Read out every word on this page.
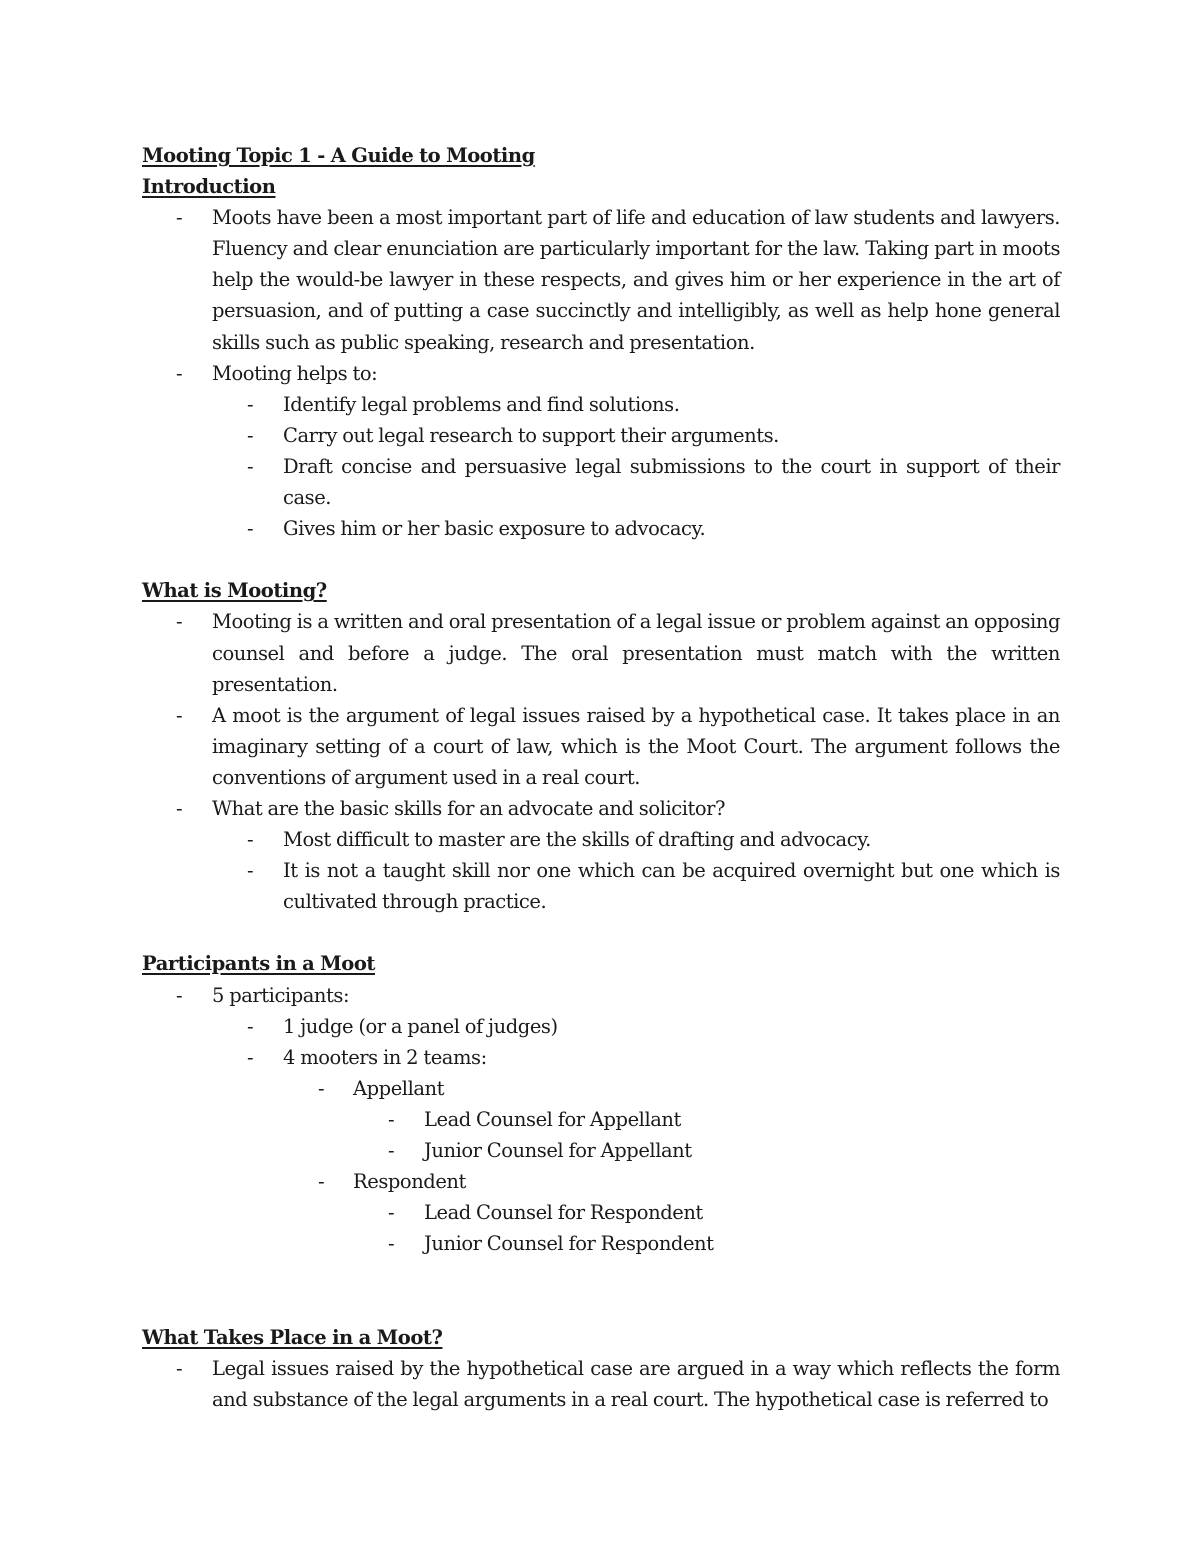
Mooting Topic 1 - A Guide to Mooting

Introduction

- Moots have been a most important part of life and education of law students and lawyers. Fluency and clear enunciation are particularly important for the law. Taking part in moots help the would-be lawyer in these respects, and gives him or her experience in the art of persuasion, and of putting a case succinctly and intelligibly, as well as help hone general skills such as public speaking, research and presentation.
- Mooting helps to:
- Identify legal problems and find solutions.
- Carry out legal research to support their arguments.
- Draft concise and persuasive legal submissions to the court in support of their case.
- Gives him or her basic exposure to advocacy.

What is Mooting?

- Mooting is a written and oral presentation of a legal issue or problem against an opposing counsel and before a judge. The oral presentation must match with the written presentation.
- A moot is the argument of legal issues raised by a hypothetical case. It takes place in an imaginary setting of a court of law, which is the Moot Court. The argument follows the conventions of argument used in a real court.
- What are the basic skills for an advocate and solicitor?
- Most difficult to master are the skills of drafting and advocacy.
- It is not a taught skill nor one which can be acquired overnight but one which is cultivated through practice.

Participants in a Moot

- 5 participants:
- 1 judge (or a panel of judges)
- 4 mooters in 2 teams:
- Appellant
- Lead Counsel for Appellant
- Junior Counsel for Appellant
- Respondent
- Lead Counsel for Respondent
- Junior Counsel for Respondent

What Takes Place in a Moot?

- Legal issues raised by the hypothetical case are argued in a way which reflects the form and substance of the legal arguments in a real court. The hypothetical case is referred to
